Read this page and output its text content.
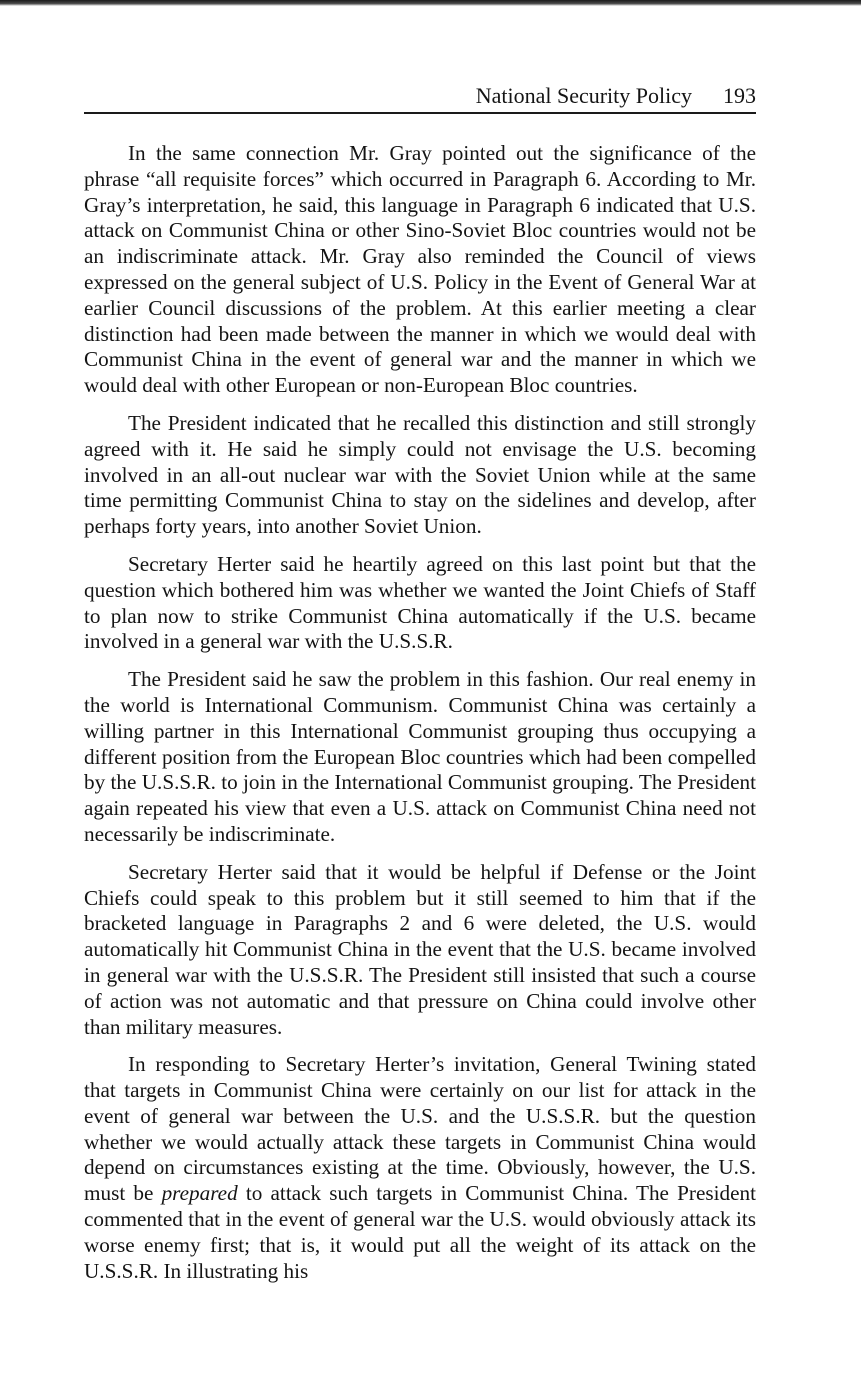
National Security Policy 193

In the same connection Mr. Gray pointed out the significance of the phrase “all requisite forces” which occurred in Paragraph 6. According to Mr. Gray’s interpretation, he said, this language in Paragraph 6 indicated that U.S. attack on Communist China or other Sino-Soviet Bloc countries would not be an indiscriminate attack. Mr. Gray also reminded the Council of views expressed on the general subject of U.S. Policy in the Event of General War at earlier Council discussions of the problem. At this earlier meeting a clear distinction had been made between the manner in which we would deal with Communist China in the event of general war and the manner in which we would deal with other European or non-European Bloc countries.

The President indicated that he recalled this distinction and still strongly agreed with it. He said he simply could not envisage the U.S. becoming involved in an all-out nuclear war with the Soviet Union while at the same time permitting Communist China to stay on the sidelines and develop, after perhaps forty years, into another Soviet Union.

Secretary Herter said he heartily agreed on this last point but that the question which bothered him was whether we wanted the Joint Chiefs of Staff to plan now to strike Communist China automatically if the U.S. became involved in a general war with the U.S.S.R.

The President said he saw the problem in this fashion. Our real enemy in the world is International Communism. Communist China was certainly a willing partner in this International Communist grouping thus occupying a different position from the European Bloc countries which had been compelled by the U.S.S.R. to join in the International Communist grouping. The President again repeated his view that even a U.S. attack on Communist China need not necessarily be indiscriminate.

Secretary Herter said that it would be helpful if Defense or the Joint Chiefs could speak to this problem but it still seemed to him that if the bracketed language in Paragraphs 2 and 6 were deleted, the U.S. would automatically hit Communist China in the event that the U.S. became involved in general war with the U.S.S.R. The President still insisted that such a course of action was not automatic and that pressure on China could involve other than military measures.

In responding to Secretary Herter’s invitation, General Twining stated that targets in Communist China were certainly on our list for attack in the event of general war between the U.S. and the U.S.S.R. but the question whether we would actually attack these targets in Communist China would depend on circumstances existing at the time. Obviously, however, the U.S. must be prepared to attack such targets in Communist China. The President commented that in the event of general war the U.S. would obviously attack its worse enemy first; that is, it would put all the weight of its attack on the U.S.S.R. In illustrating his
